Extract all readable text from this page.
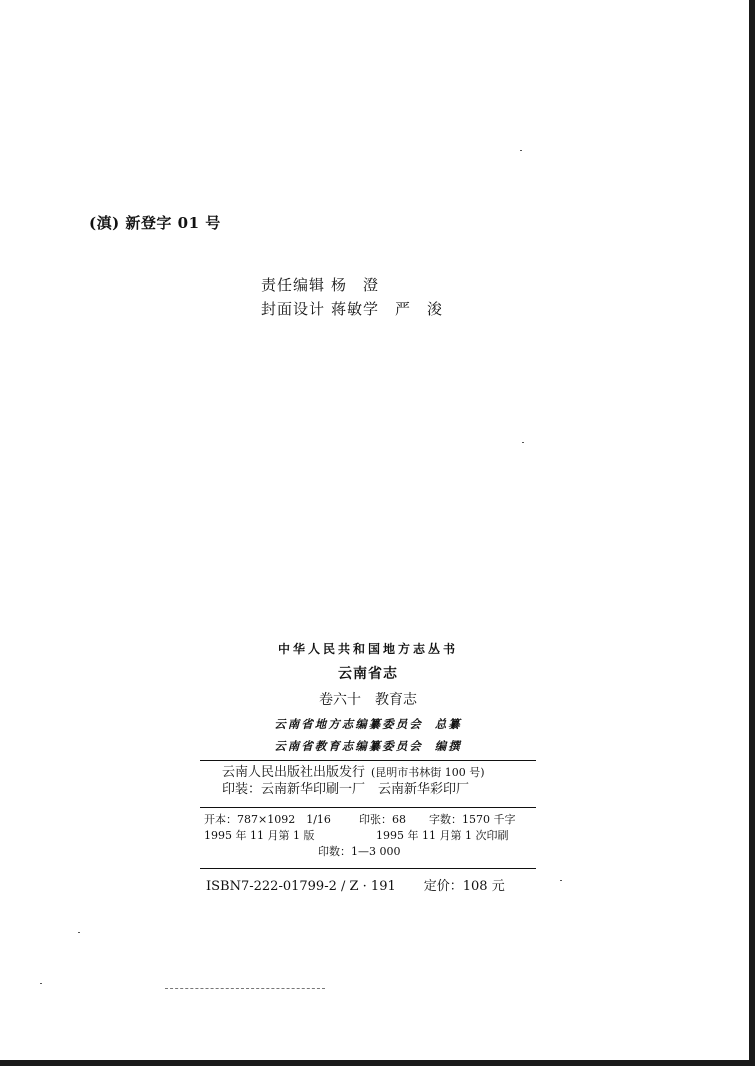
(滇) 新登字 01 号
责任编辑 杨　澄
封面设计 蒋敏学　严　浚
中华人民共和国地方志丛书
云南省志
卷六十 教育志
云南省地方志编纂委员会 总纂
云南省教育志编纂委员会 编撰
云南人民出版社出版发行 (昆明市书林街 100 号)
印装：云南新华印刷一厂　云南新华彩印厂
开本：787×1092　1/16	印张：68 字数：1570 千字
1995 年 11 月第 1 版	1995 年 11 月第 1 次印刷
印数：1—3 000
ISBN7-222-01799-2 / Z · 191 定价：108 元
